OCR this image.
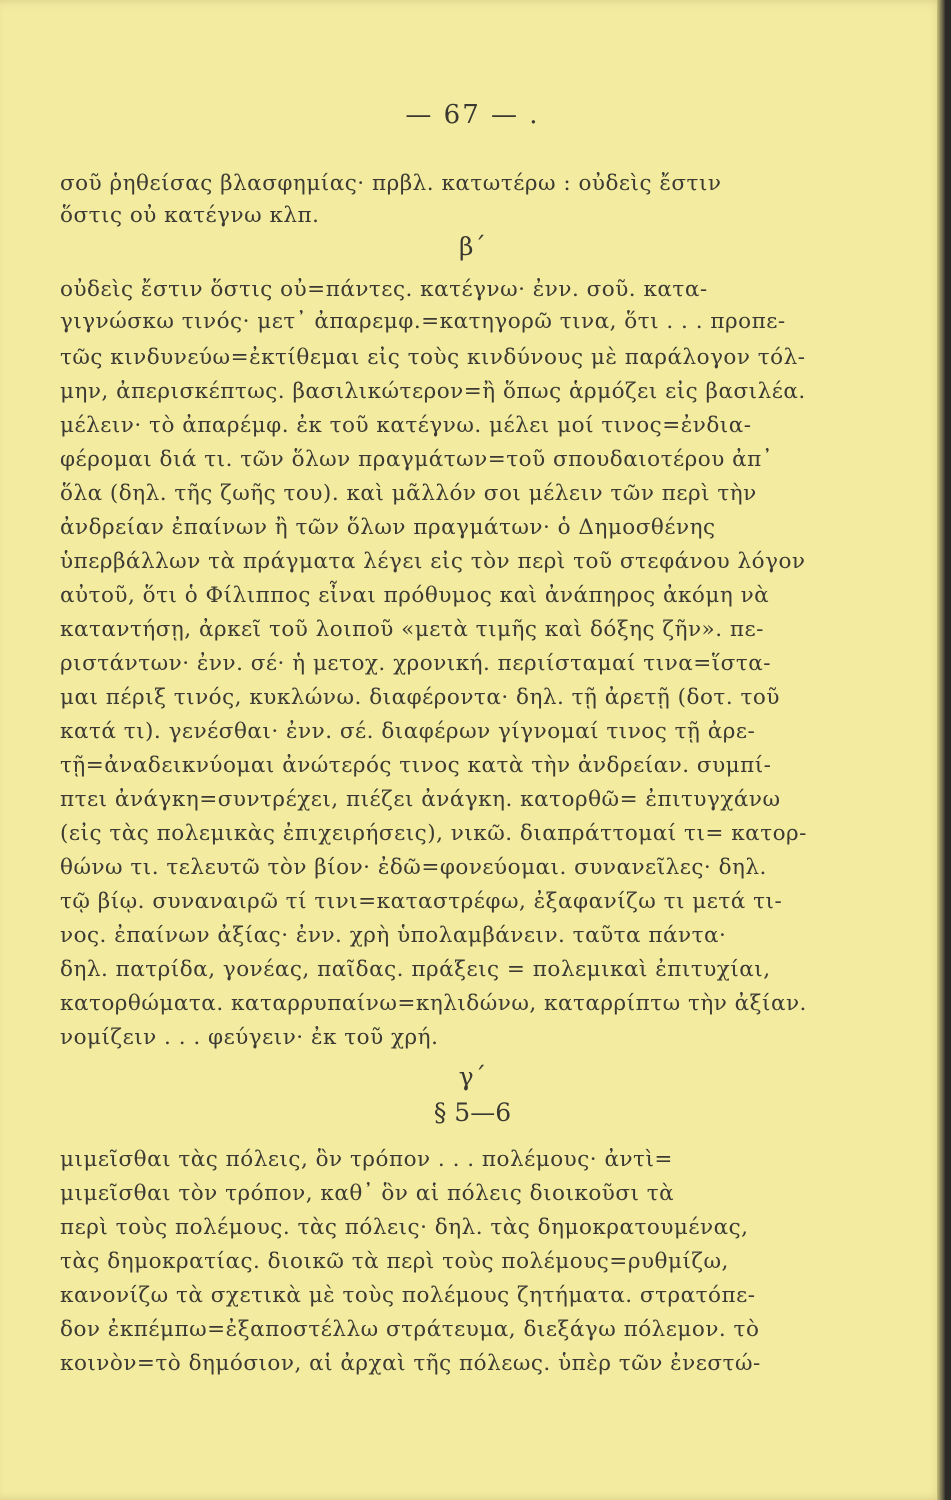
— 67 — .
σοῦ ῥηθείσας βλασφημίας· πρβλ. κατωτέρω : οὐδεὶς ἔστιν
ὅστις οὐ κατέγνω κλπ.
β΄
οὐδεὶς ἔστιν ὅστις οὐ=πάντες. κατέγνω· ἐνν. σοῦ. κατα-
γιγνώσκω τινός· μετ᾽ ἀπαρεμφ.=κατηγορῶ τινα, ὅτι . . . προπε-
τῶς κινδυνεύω=ἐκτίθεμαι εἰς τοὺς κινδύνους μὲ παράλογον τόλ-
μην, ἀπερισκέπτως. βασιλικώτερον=ἢ ὅπως ἁρμόζει εἰς βασιλέα.
μέλειν· τὸ ἀπαρέμφ. ἐκ τοῦ κατέγνω. μέλει μοί τινος=ἐνδια-
φέρομαι διά τι. τῶν ὅλων πραγμάτων=τοῦ σπουδαιοτέρου ἀπ᾽
ὅλα (δηλ. τῆς ζωῆς του). καὶ μᾶλλόν σοι μέλειν τῶν περὶ τὴν
ἀνδρείαν ἐπαίνων ἢ τῶν ὅλων πραγμάτων· ὁ Δημοσθένης
ὑπερβάλλων τὰ πράγματα λέγει εἰς τὸν περὶ τοῦ στεφάνου λόγον
αὐτοῦ, ὅτι ὁ Φίλιππος εἶναι πρόθυμος καὶ ἀνάπηρος ἀκόμη νὰ
καταντήσῃ, ἀρκεῖ τοῦ λοιποῦ «μετὰ τιμῆς καὶ δόξης ζῆν». πε-
ριστάντων· ἐνν. σέ· ἡ μετοχ. χρονική. περιίσταμαί τινα=ἵστα-
μαι πέριξ τινός, κυκλώνω. διαφέροντα· δηλ. τῇ ἀρετῇ (δοτ. τοῦ
κατά τι). γενέσθαι· ἐνν. σέ. διαφέρων γίγνομαί τινος τῇ ἀρε-
τῇ=ἀναδεικνύομαι ἀνώτερός τινος κατὰ τὴν ἀνδρείαν. συμπί-
πτει ἀνάγκη=συντρέχει, πιέζει ἀνάγκη. κατορθῶ= ἐπιτυγχάνω
(εἰς τὰς πολεμικὰς ἐπιχειρήσεις), νικῶ. διαπράττομαί τι= κατορ-
θώνω τι. τελευτῶ τὸν βίον· ἐδῶ=φονεύομαι. συνανεῖλες· δηλ.
τῷ βίῳ. συναναιρῶ τί τινι=καταστρέφω, ἐξαφανίζω τι μετά τι-
νος. ἐπαίνων ἀξίας· ἐνν. χρὴ ὑπολαμβάνειν. ταῦτα πάντα·
δηλ. πατρίδα, γονέας, παῖδας. πράξεις = πολεμικαὶ ἐπιτυχίαι,
κατορθώματα. καταρρυπαίνω=κηλιδώνω, καταρρίπτω τὴν ἀξίαν.
νομίζειν . . . φεύγειν· ἐκ τοῦ χρή.
γ΄
§ 5—6
μιμεῖσθαι τὰς πόλεις, ὃν τρόπον . . . πολέμους· ἀντὶ=
μιμεῖσθαι τὸν τρόπον, καθ᾽ ὃν αἱ πόλεις διοικοῦσι τὰ
περὶ τοὺς πολέμους. τὰς πόλεις· δηλ. τὰς δημοκρατουμένας,
τὰς δημοκρατίας. διοικῶ τὰ περὶ τοὺς πολέμους=ρυθμίζω,
κανονίζω τὰ σχετικὰ μὲ τοὺς πολέμους ζητήματα. στρατόπε-
δον ἐκπέμπω=ἐξαποστέλλω στράτευμα, διεξάγω πόλεμον. τὸ
κοινὸν=τὸ δημόσιον, αἱ ἀρχαὶ τῆς πόλεως. ὑπὲρ τῶν ἐνεστώ-
